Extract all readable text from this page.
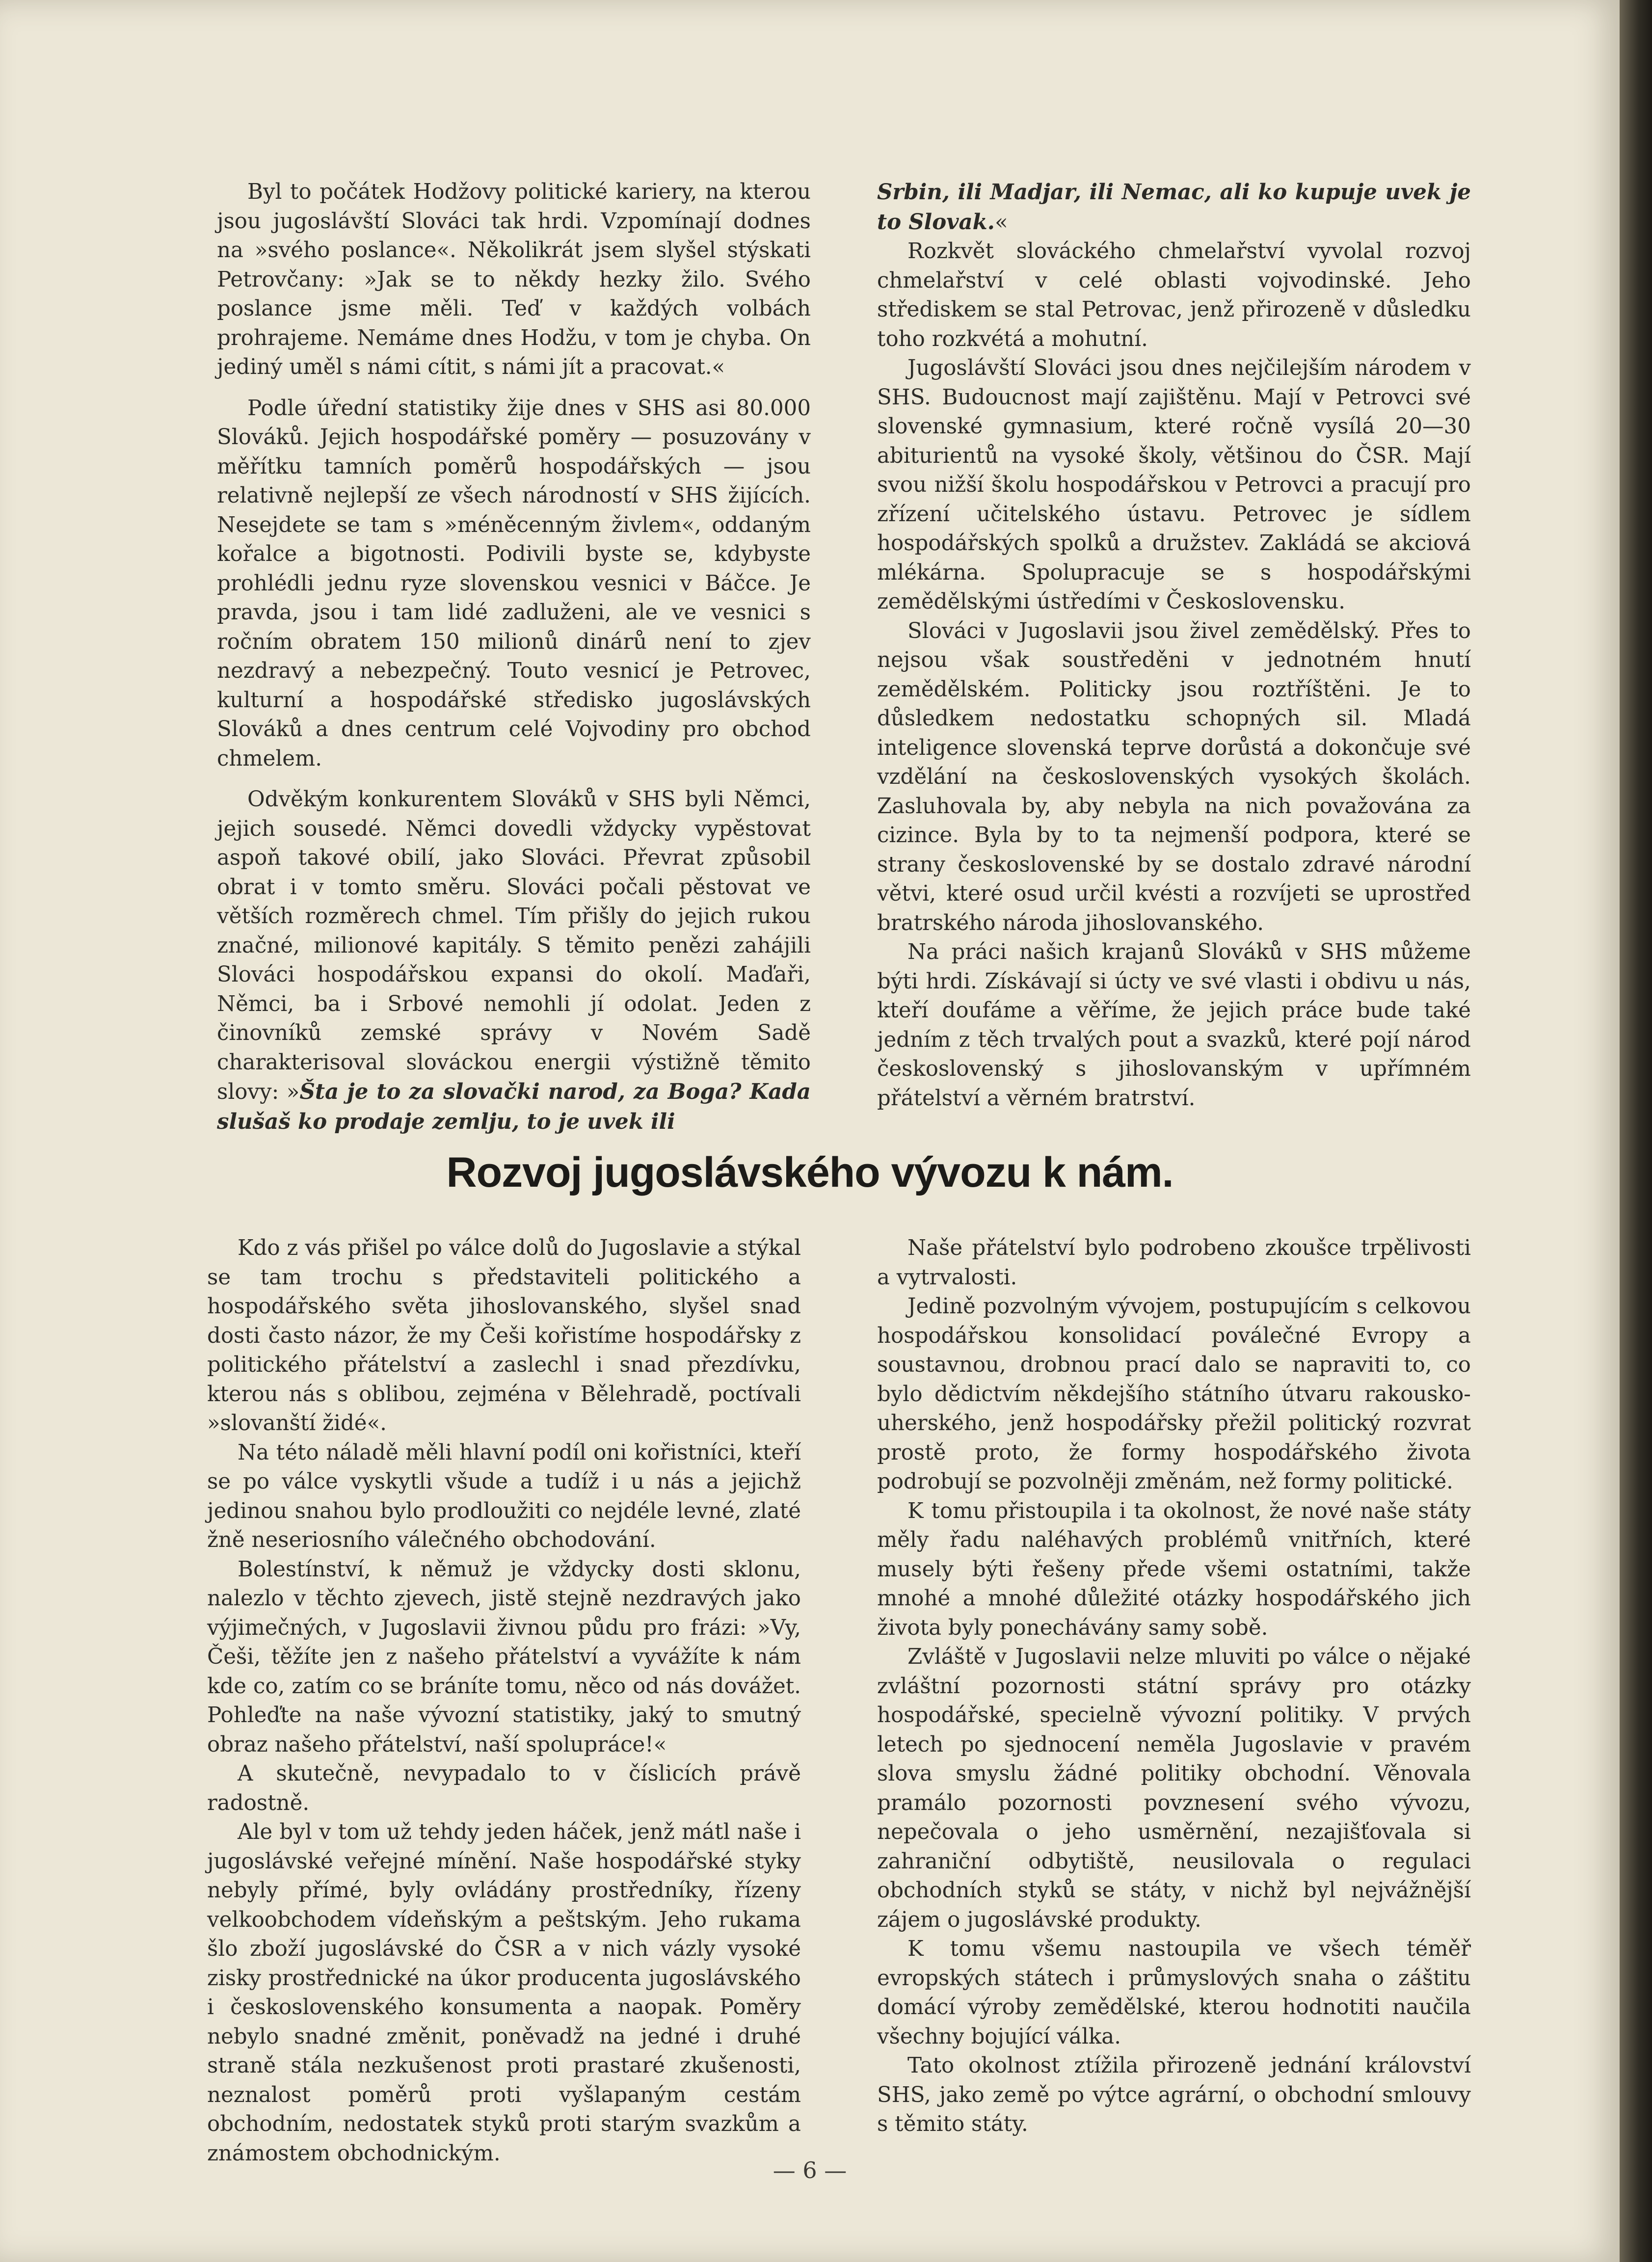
Byl to počátek Hodžovy politické kariery, na kterou jsou jugoslávští Slováci tak hrdi. Vzpomínají dodnes na »svého poslance«. Několikrát jsem slyšel stýskati Petrovčany: »Jak se to někdy hezky žilo. Svého poslance jsme měli. Teď v každých volbách prohrajeme. Nemáme dnes Hodžu, v tom je chyba. On jediný uměl s námi cítit, s námi jít a pracovat.«

Podle úřední statistiky žije dnes v SHS asi 80.000 Slováků. Jejich hospodářské poměry — posuzovány v měřítku tamních poměrů hospodářských — jsou relativně nejlepší ze všech národností v SHS žijících. Nesejdete se tam s »méněcenným živlem«, oddaným kořalce a bigotnosti. Podivili byste se, kdybyste prohlédli jednu ryze slovenskou vesnici v Báčce. Je pravda, jsou i tam lidé zadluženi, ale ve vesnici s ročním obratem 150 milionů dinárů není to zjev nezdravý a nebezpečný. Touto vesnicí je Petrovec, kulturní a hospodářské středisko jugoslávských Slováků a dnes centrum celé Vojvodiny pro obchod chmelem.

Odvěkým konkurentem Slováků v SHS byli Němci, jejich sousedé. Němci dovedli vždycky vypěstovat aspoň takové obilí, jako Slováci. Převrat způsobil obrat i v tomto směru. Slováci počali pěstovat ve větších rozměrech chmel. Tím přišly do jejich rukou značné, milionové kapitály. S těmito penězi zahájili Slováci hospodářskou expansi do okolí. Maďaři, Němci, ba i Srbové nemohli jí odolat. Jeden z činovníků zemské správy v Novém Sadě charakterisoval slováckou energii výstižně těmito slovy: »Šta je to za slovački narod, za Boga? Kada slušaš ko prodaje zemlju, to je uvek ili

Srbin, ili Madjar, ili Nemac, ali ko kupuje uvek je to Slovak.«

Rozkvět slováckého chmelařství vyvolal rozvoj chmelařství v celé oblasti vojvodinské. Jeho střediskem se stal Petrovac, jenž přirozeně v důsledku toho rozkvétá a mohutní.

Jugoslávští Slováci jsou dnes nejčilejším národem v SHS. Budoucnost mají zajištěnu. Mají v Petrovci své slovenské gymnasium, které ročně vysílá 20—30 abiturientů na vysoké školy, většinou do ČSR. Mají svou nižší školu hospodářskou v Petrovci a pracují pro zřízení učitelského ústavu. Petrovec je sídlem hospodářských spolků a družstev. Zakládá se akciová mlékárna. Spolupracuje se s hospodářskými zemědělskými ústředími v Československu.

Slováci v Jugoslavii jsou živel zemědělský. Přes to nejsou však soustředěni v jednotném hnutí zemědělském. Politicky jsou roztříštěni. Je to důsledkem nedostatku schopných sil. Mladá inteligence slovenská teprve dorůstá a dokončuje své vzdělání na československých vysokých školách. Zasluhovala by, aby nebyla na nich považována za cizince. Byla by to ta nejmenší podpora, které se strany československé by se dostalo zdravé národní větvi, které osud určil kvésti a rozvíjeti se uprostřed bratrského národa jihoslovanského.

Na práci našich krajanů Slováků v SHS můžeme býti hrdi. Získávají si úcty ve své vlasti i obdivu u nás, kteří doufáme a věříme, že jejich práce bude také jedním z těch trvalých pout a svazků, které pojí národ československý s jihoslovanským v upřímném přátelství a věrném bratrství.

Rozvoj jugoslávského vývozu k nám.

Kdo z vás přišel po válce dolů do Jugoslavie a stýkal se tam trochu s představiteli politického a hospodářského světa jihoslovanského, slyšel snad dosti často názor, že my Češi kořistíme hospodářsky z politického přátelství a zaslechl i snad přezdívku, kterou nás s oblibou, zejména v Bělehradě, poctívali »slovanští židé«.

Na této náladě měli hlavní podíl oni kořistníci, kteří se po válce vyskytli všude a tudíž i u nás a jejichž jedinou snahou bylo prodloužiti co nejdéle levné, zlaté žně neseriosního válečného obchodování.

Bolestínství, k němuž je vždycky dosti sklonu, nalezlo v těchto zjevech, jistě stejně nezdravých jako výjimečných, v Jugoslavii živnou půdu pro frázi: »Vy, Češi, těžíte jen z našeho přátelství a vyvážíte k nám kde co, zatím co se bráníte tomu, něco od nás dovážet. Pohleďte na naše vývozní statistiky, jaký to smutný obraz našeho přátelství, naší spolupráce!«

A skutečně, nevypadalo to v číslicích právě radostně.

Ale byl v tom už tehdy jeden háček, jenž mátl naše i jugoslávské veřejné mínění. Naše hospodářské styky nebyly přímé, byly ovládány prostředníky, řízeny velkoobchodem vídeňským a peštským. Jeho rukama šlo zboží jugoslávské do ČSR a v nich vázly vysoké zisky prostřednické na úkor producenta jugoslávského i československého konsumenta a naopak. Poměry nebylo snadné změnit, poněvadž na jedné i druhé straně stála nezkušenost proti prastaré zkušenosti, neznalost poměrů proti vyšlapaným cestám obchodním, nedostatek styků proti starým svazkům a známostem obchodnickým.

Naše přátelství bylo podrobeno zkoušce trpělivosti a vytrvalosti.

Jedině pozvolným vývojem, postupujícím s celkovou hospodářskou konsolidací poválečné Evropy a soustavnou, drobnou prací dalo se napraviti to, co bylo dědictvím někdejšího státního útvaru rakousko-uherského, jenž hospodářsky přežil politický rozvrat prostě proto, že formy hospodářského života podrobují se pozvolněji změnám, než formy politické.

K tomu přistoupila i ta okolnost, že nové naše státy měly řadu naléhavých problémů vnitřních, které musely býti řešeny přede všemi ostatními, takže mnohé a mnohé důležité otázky hospodářského jich života byly ponechávány samy sobě.

Zvláště v Jugoslavii nelze mluviti po válce o nějaké zvláštní pozornosti státní správy pro otázky hospodářské, specielně vývozní politiky. V prvých letech po sjednocení neměla Jugoslavie v pravém slova smyslu žádné politiky obchodní. Věnovala pramálo pozornosti povznesení svého vývozu, nepečovala o jeho usměrnění, nezajišťovala si zahraniční odbytiště, neusilovala o regulaci obchodních styků se státy, v nichž byl nejvážnější zájem o jugoslávské produkty.

K tomu všemu nastoupila ve všech téměř evropských státech i průmyslových snaha o záštitu domácí výroby zemědělské, kterou hodnotiti naučila všechny bojující válka.

Tato okolnost ztížila přirozeně jednání království SHS, jako země po výtce agrární, o obchodní smlouvy s těmito státy.

— 6 —
